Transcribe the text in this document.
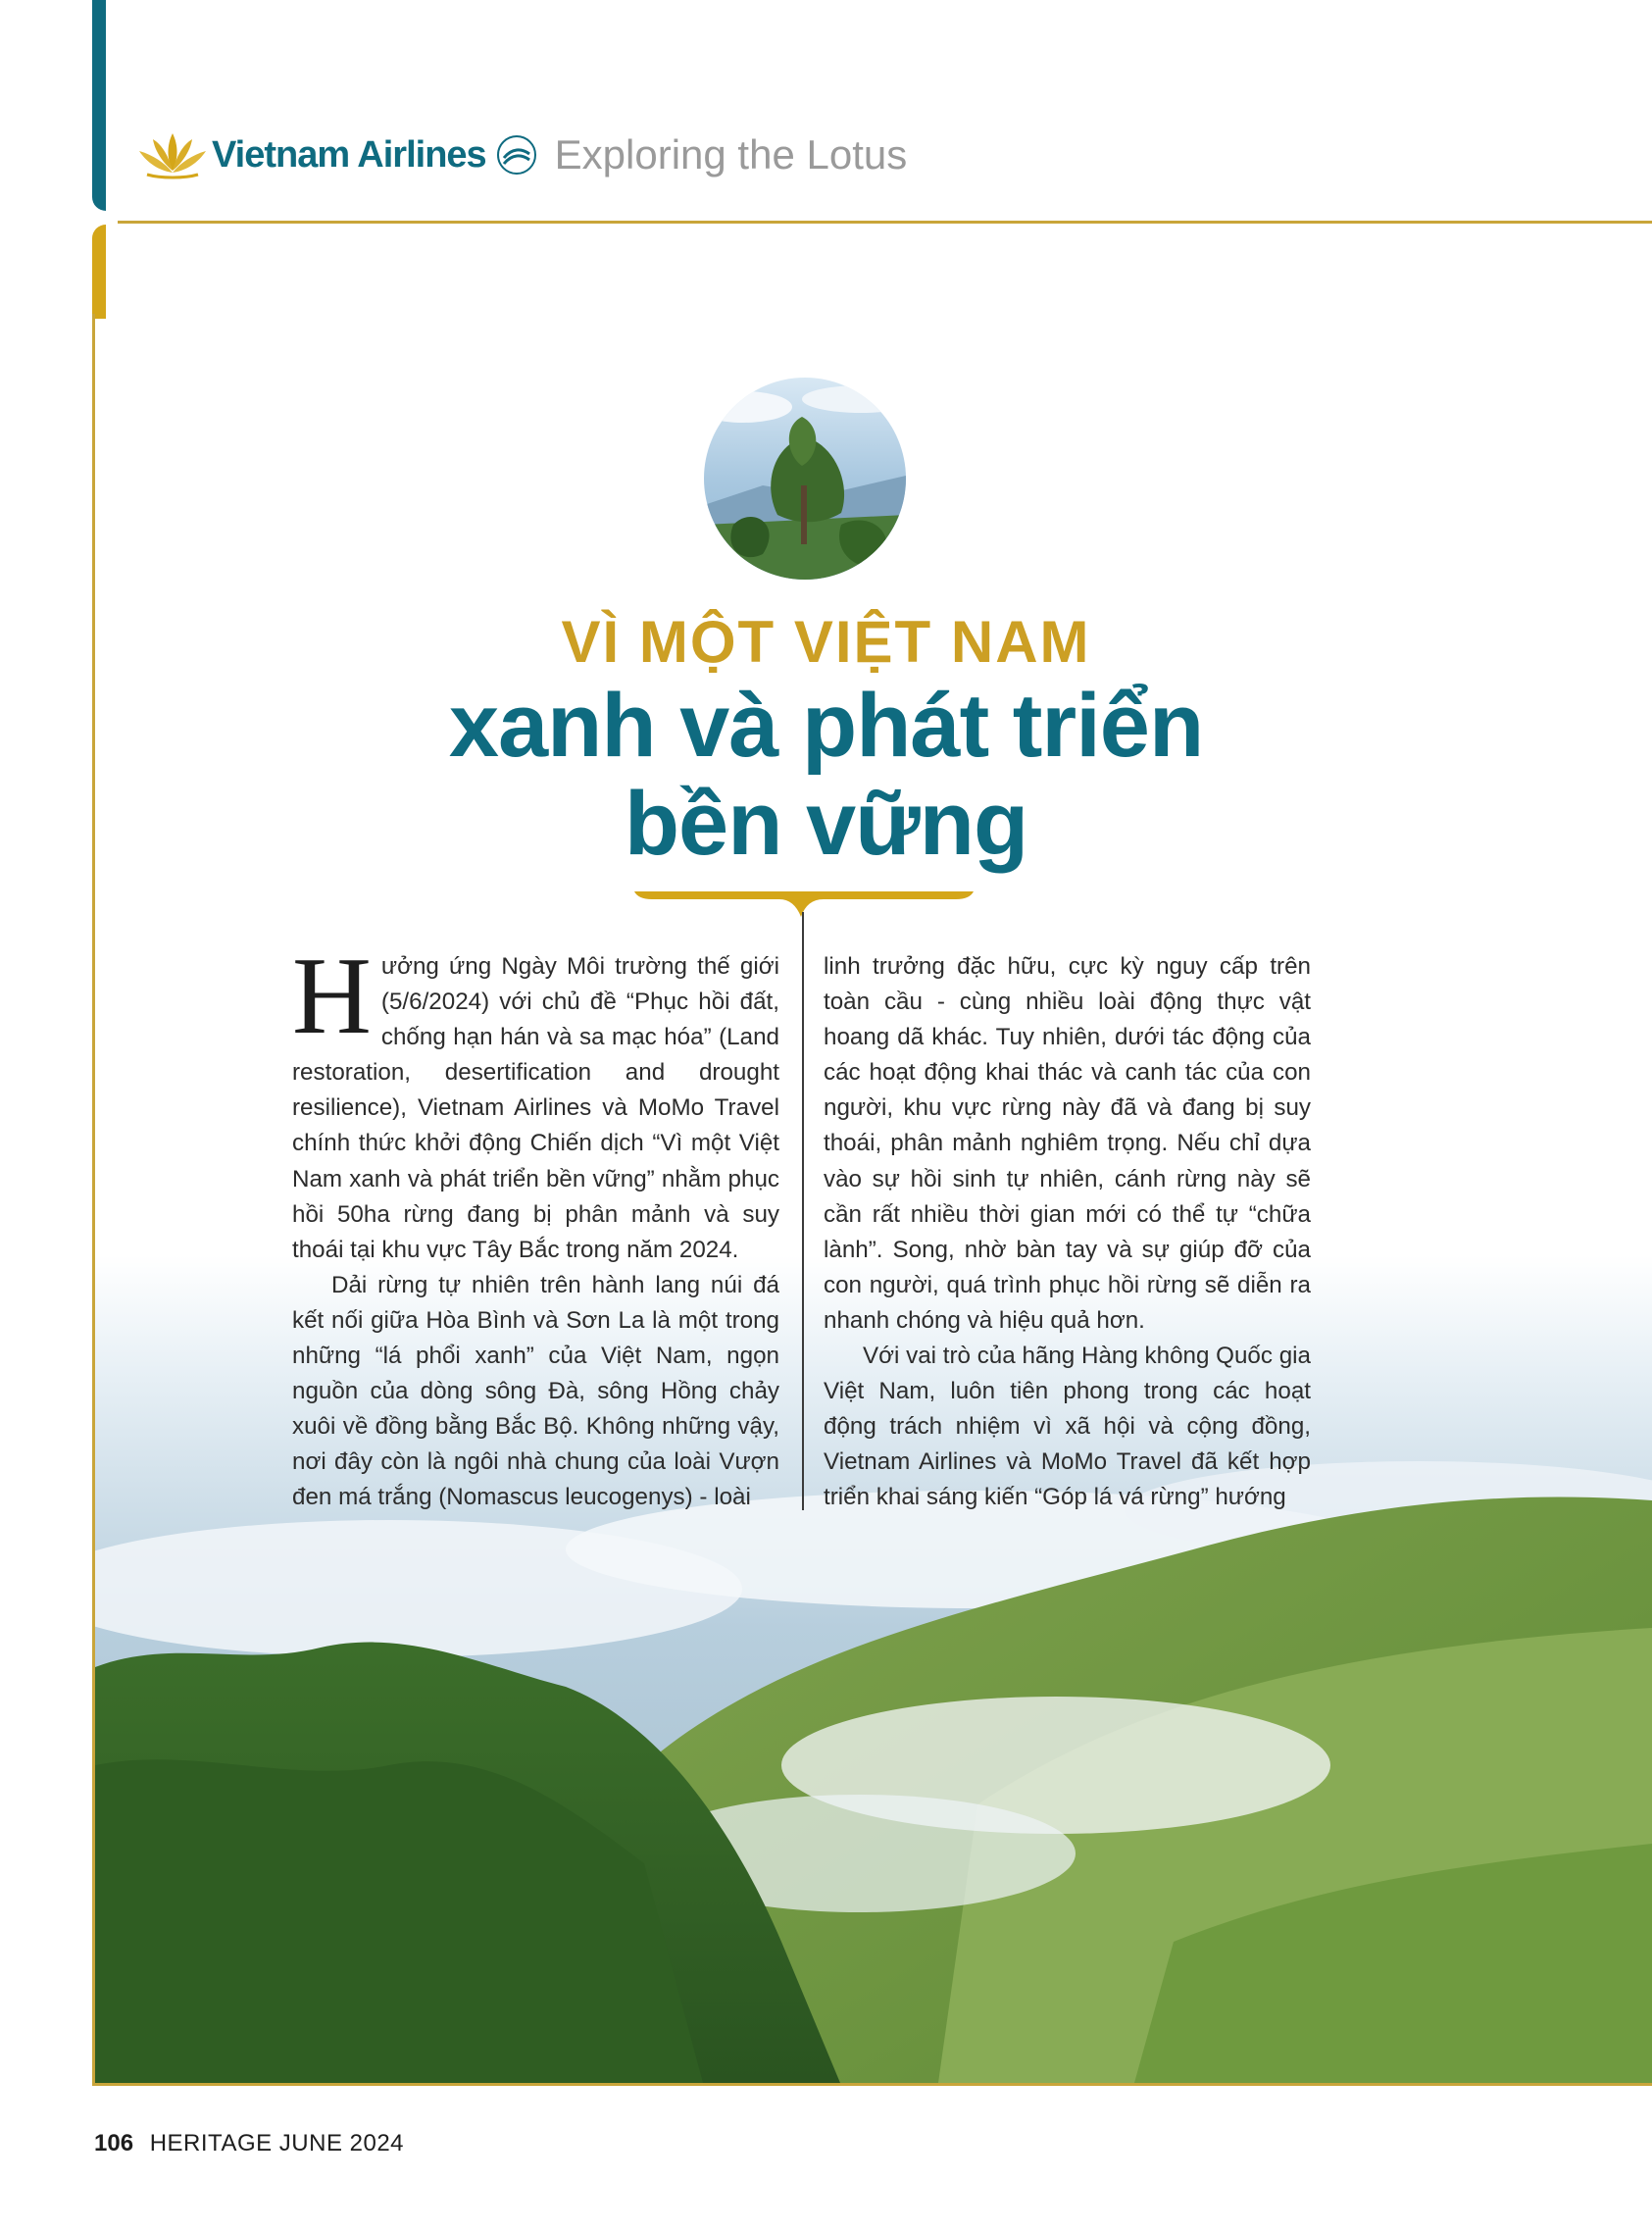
Vietnam Airlines Exploring the Lotus
VÌ MỘT VIỆT NAM
xanh và phát triển
bền vững

Hưởng ứng Ngày Môi trường thế giới (5/6/2024) với chủ đề “Phục hồi đất, chống hạn hán và sa mạc hóa” (Land restoration, desertification and drought resilience), Vietnam Airlines và MoMo Travel chính thức khởi động Chiến dịch “Vì một Việt Nam xanh và phát triển bền vững” nhằm phục hồi 50ha rừng đang bị phân mảnh và suy thoái tại khu vực Tây Bắc trong năm 2024.

Dải rừng tự nhiên trên hành lang núi đá kết nối giữa Hòa Bình và Sơn La là một trong những “lá phổi xanh” của Việt Nam, ngọn nguồn của dòng sông Đà, sông Hồng chảy xuôi về đồng bằng Bắc Bộ. Không những vậy, nơi đây còn là ngôi nhà chung của loài Vượn đen má trắng (Nomascus leucogenys) - loài

linh trưởng đặc hữu, cực kỳ nguy cấp trên toàn cầu - cùng nhiều loài động thực vật hoang dã khác. Tuy nhiên, dưới tác động của các hoạt động khai thác và canh tác của con người, khu vực rừng này đã và đang bị suy thoái, phân mảnh nghiêm trọng. Nếu chỉ dựa vào sự hồi sinh tự nhiên, cánh rừng này sẽ cần rất nhiều thời gian mới có thể tự “chữa lành”. Song, nhờ bàn tay và sự giúp đỡ của con người, quá trình phục hồi rừng sẽ diễn ra nhanh chóng và hiệu quả hơn.

Với vai trò của hãng Hàng không Quốc gia Việt Nam, luôn tiên phong trong các hoạt động trách nhiệm vì xã hội và cộng đồng, Vietnam Airlines và MoMo Travel đã kết hợp triển khai sáng kiến “Góp lá vá rừng” hướng

106 HERITAGE JUNE 2024
